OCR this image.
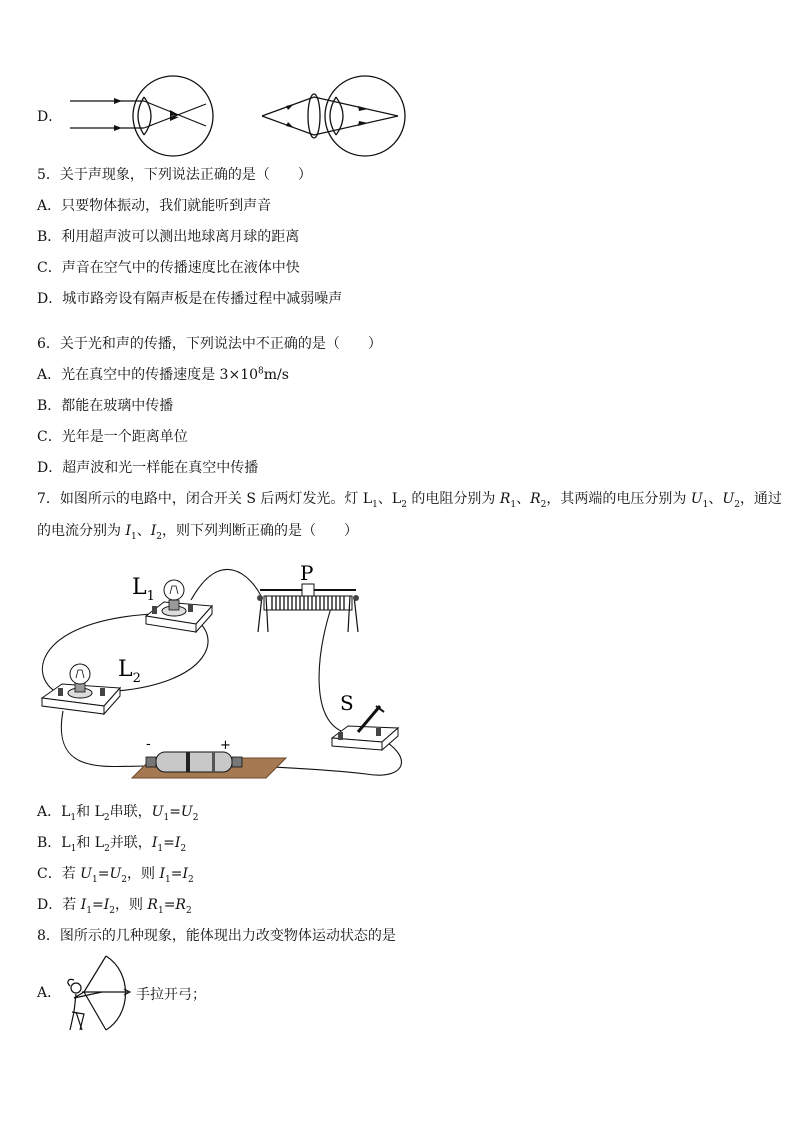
D．
5．关于声现象，下列说法正确的是（　　）
A．只要物体振动，我们就能听到声音
B．利用超声波可以测出地球离月球的距离
C．声音在空气中的传播速度比在液体中快
D．城市路旁设有隔声板是在传播过程中减弱噪声
6．关于光和声的传播，下列说法中不正确的是（　　）
A．光在真空中的传播速度是 $3\times 10^8m/s$
B．都能在玻璃中传播
C．光年是一个距离单位
D．超声波和光一样能在真空中传播
7．如图所示的电路中，闭合开关 S 后两灯发光。灯 $L_1$、$L_2$ 的电阻分别为 $R_1$、$R_2$，其两端的电压分别为 $U_1$、$U_2$，通过
的电流分别为 $I_1$、$I_2$，则下列判断正确的是（　　）
$L_1$
$L_2$
P
S
-	+
A．$L_1$和 $L_2$串联，$U_1=U_2$
B．$L_1$和 $L_2$并联，$I_1=I_2$
C．若 $U_1=U_2$，则 $I_1=I_2$
D．若 $I_1=I_2$，则 $R_1=R_2$
8．图所示的几种现象，能体现出力改变物体运动状态的是
A．	手拉开弓；
